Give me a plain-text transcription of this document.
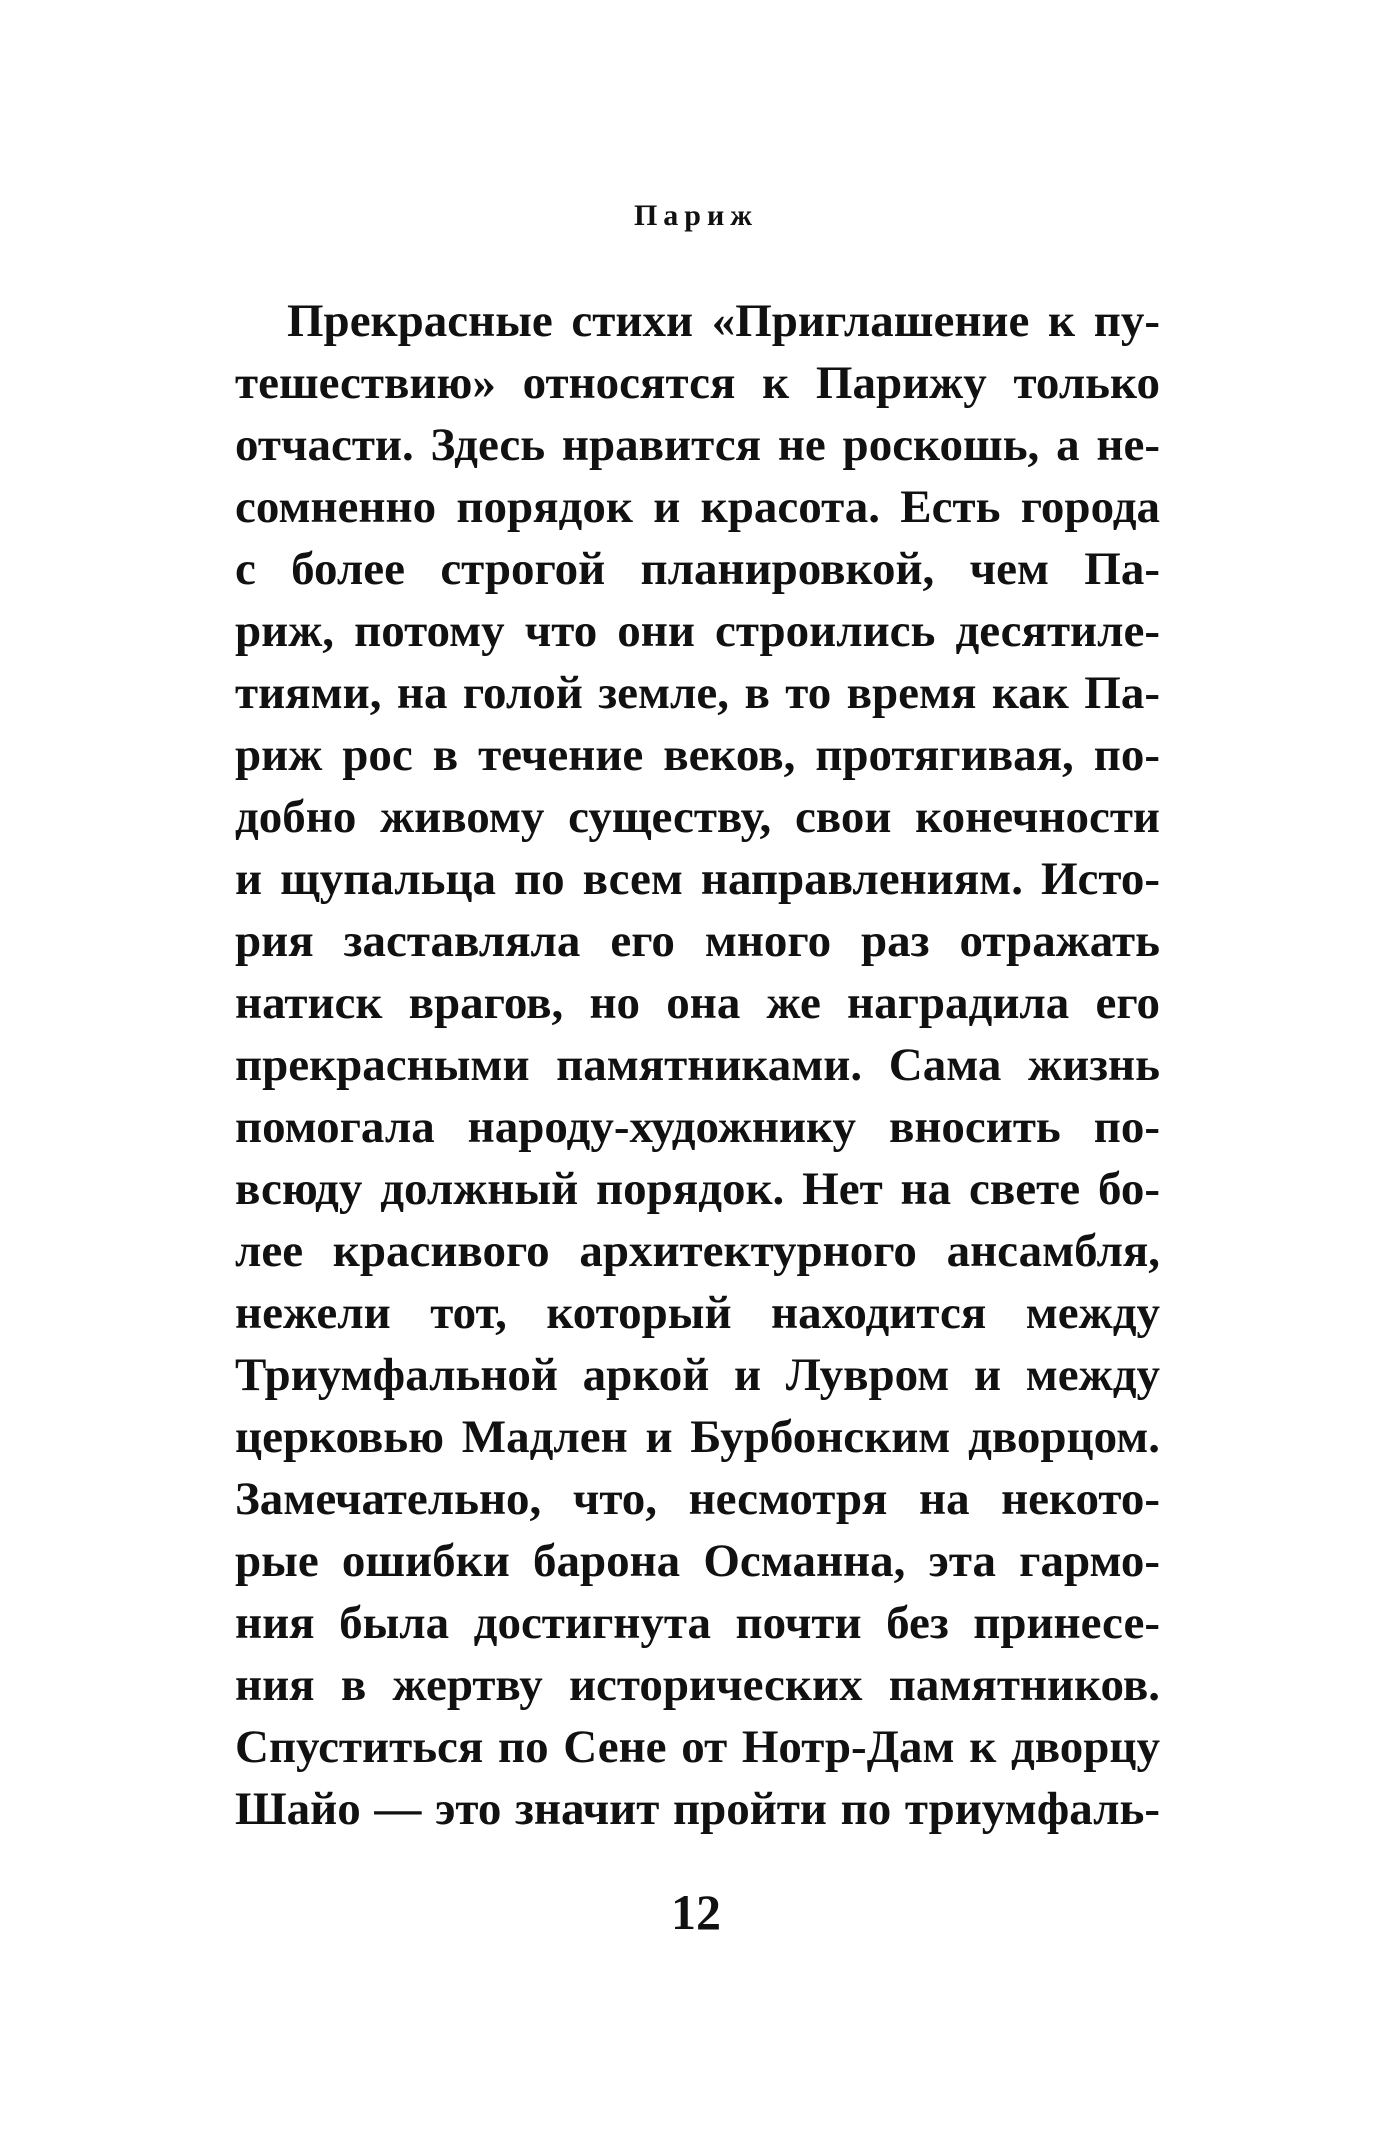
Париж
Прекрасные стихи «Приглашение к пу-
тешествию» относятся к Парижу только
отчасти. Здесь нравится не роскошь, а не-
сомненно порядок и красота. Есть города
с более строгой планировкой, чем Па-
риж, потому что они строились десятиле-
тиями, на голой земле, в то время как Па-
риж рос в течение веков, протягивая, по-
добно живому существу, свои конечности
и щупальца по всем направлениям. Исто-
рия заставляла его много раз отражать
натиск врагов, но она же наградила его
прекрасными памятниками. Сама жизнь
помогала народу-художнику вносить по-
всюду должный порядок. Нет на свете бо-
лее красивого архитектурного ансамбля,
нежели тот, который находится между
Триумфальной аркой и Лувром и между
церковью Мадлен и Бурбонским дворцом.
Замечательно, что, несмотря на некото-
рые ошибки барона Османна, эта гармо-
ния была достигнута почти без принесе-
ния в жертву исторических памятников.
Спуститься по Сене от Нотр-Дам к дворцу
Шайо — это значит пройти по триумфаль-
12
